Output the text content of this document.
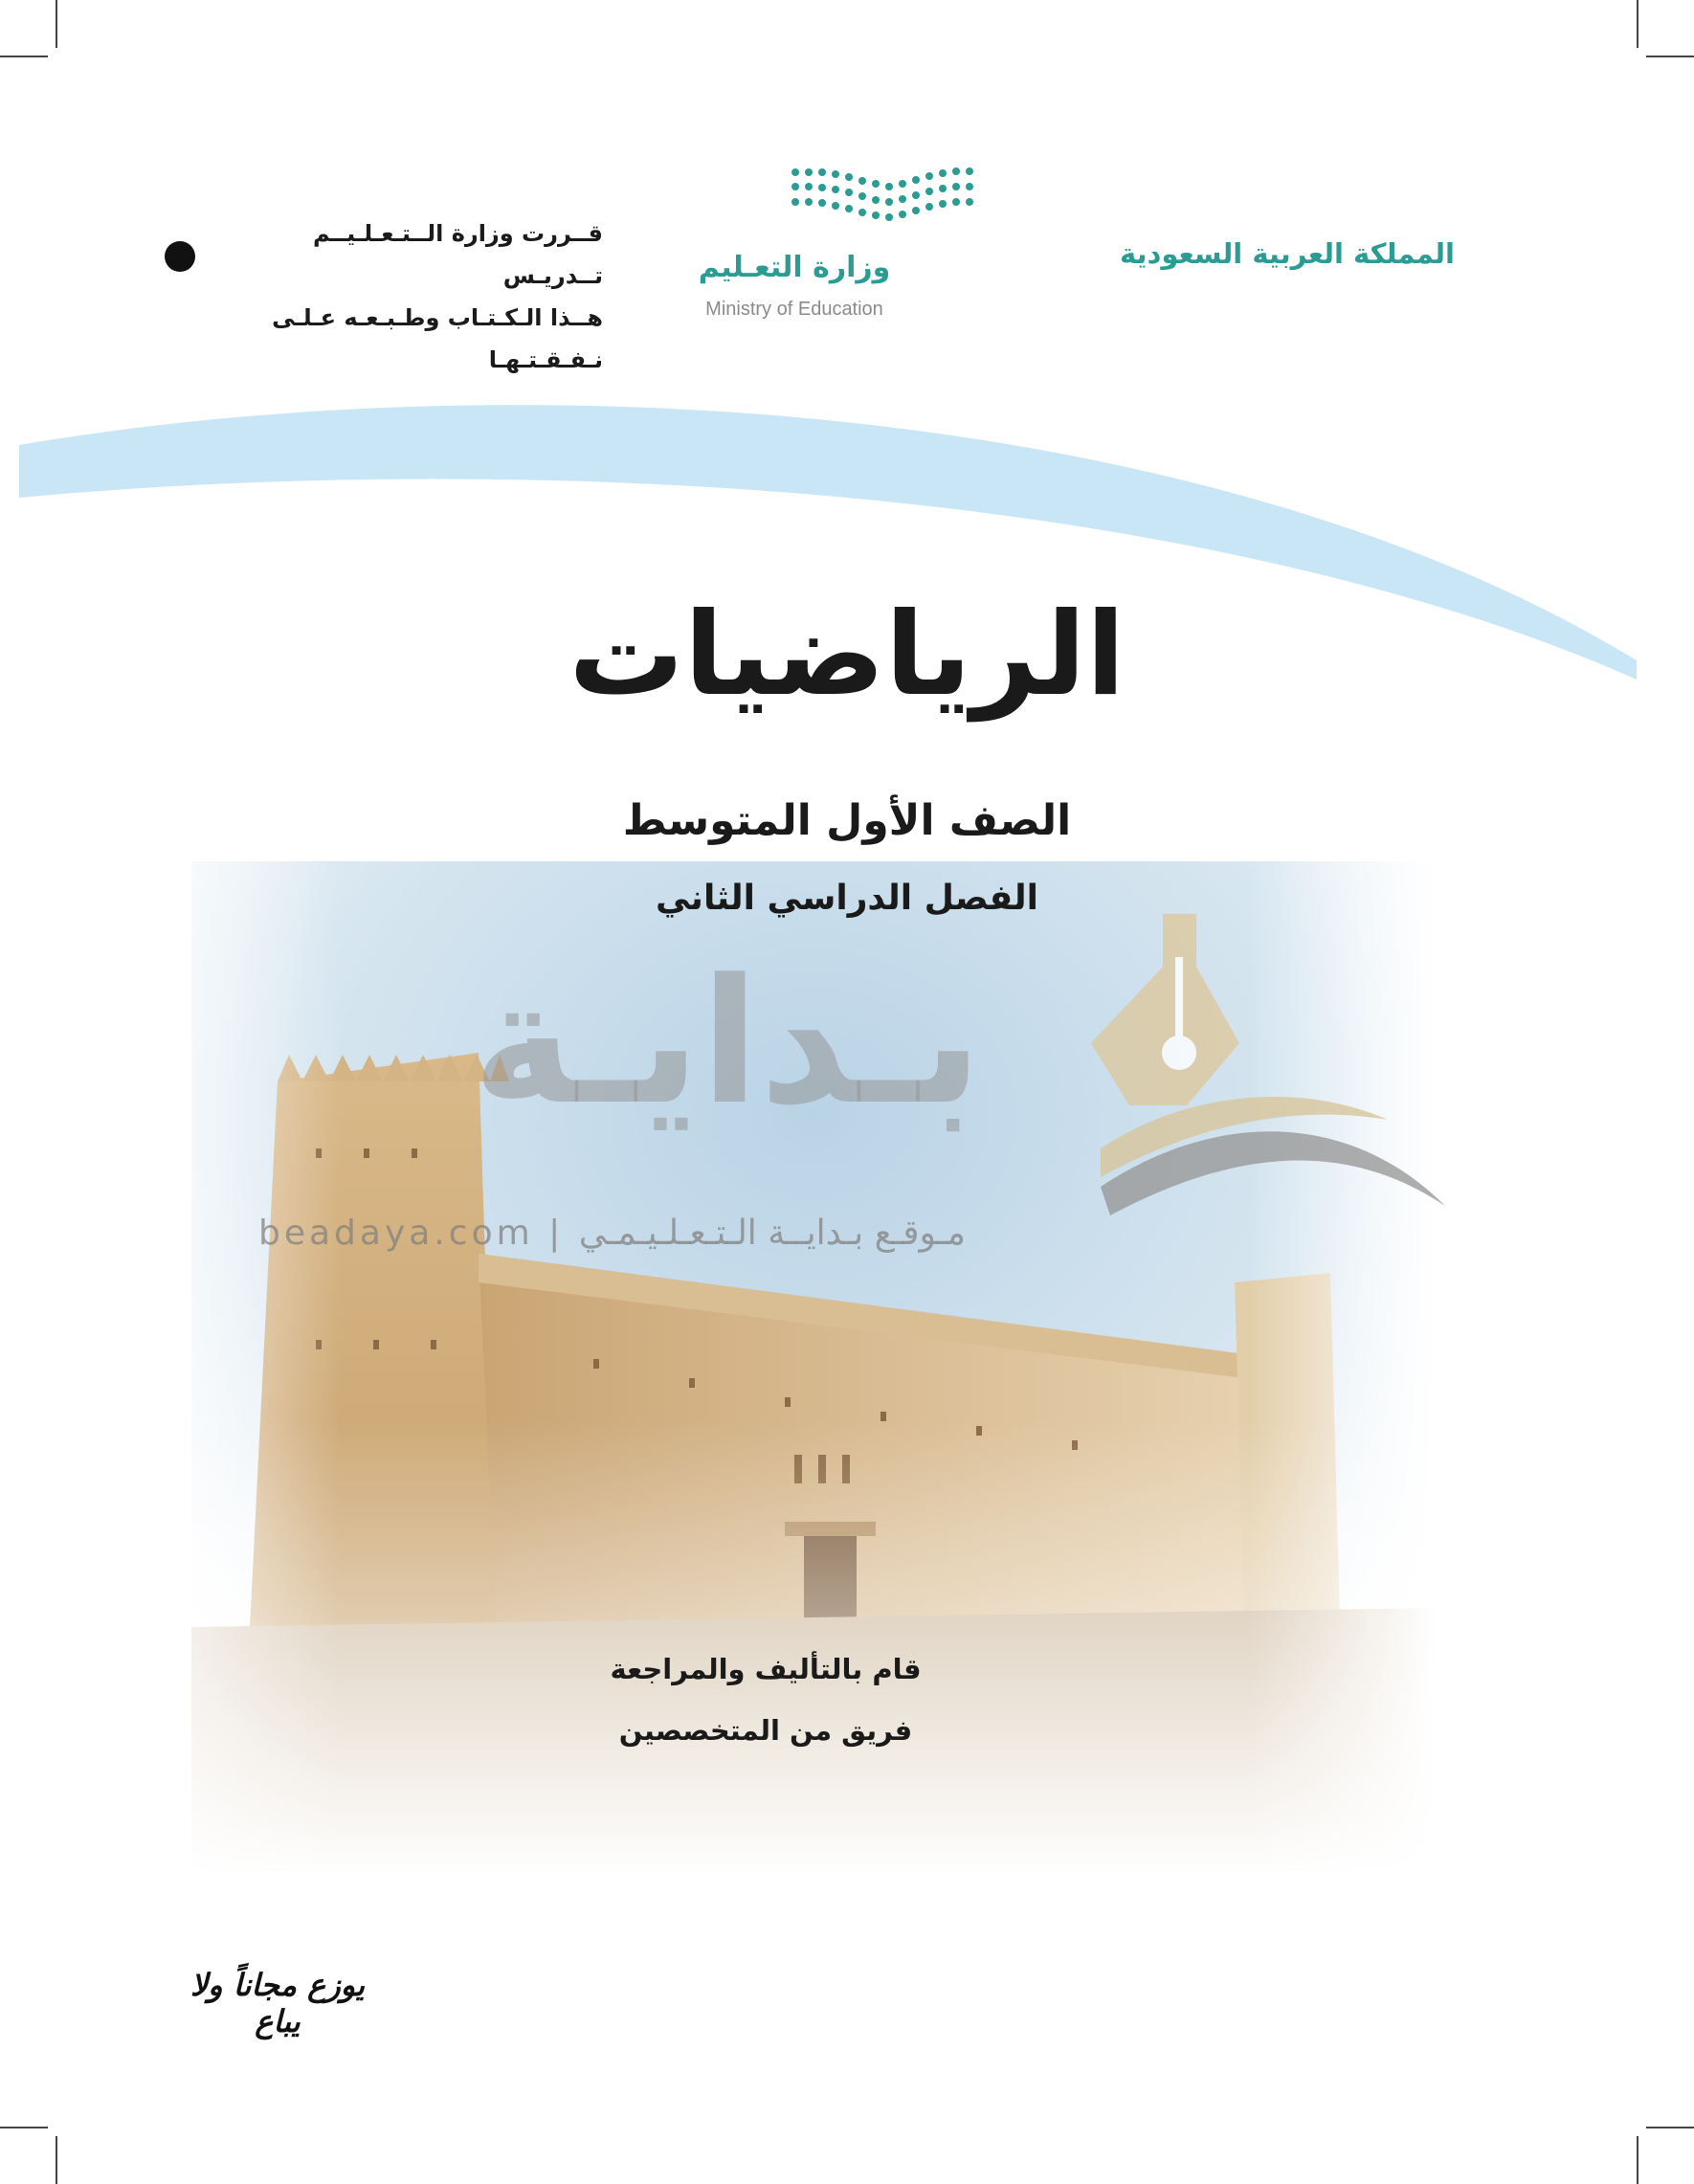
المملكة العربية السعودية
وزارة التعـليم
Ministry of Education
قــررت وزارة الــتـعـلـيــم تــدريـس
هــذا الـكـتـاب وطـبـعـه عـلـى نـفـقـتـهـا
الرياضيات
الصف الأول المتوسط
الفصل الدراسي الثاني
بـدايـة
beadaya.com | مـوقـع بـدايــة الـتـعـلـيـمـي
قام بالتأليف والمراجعة
فريق من المتخصصين
يوزع مجاناً ولا يباع
